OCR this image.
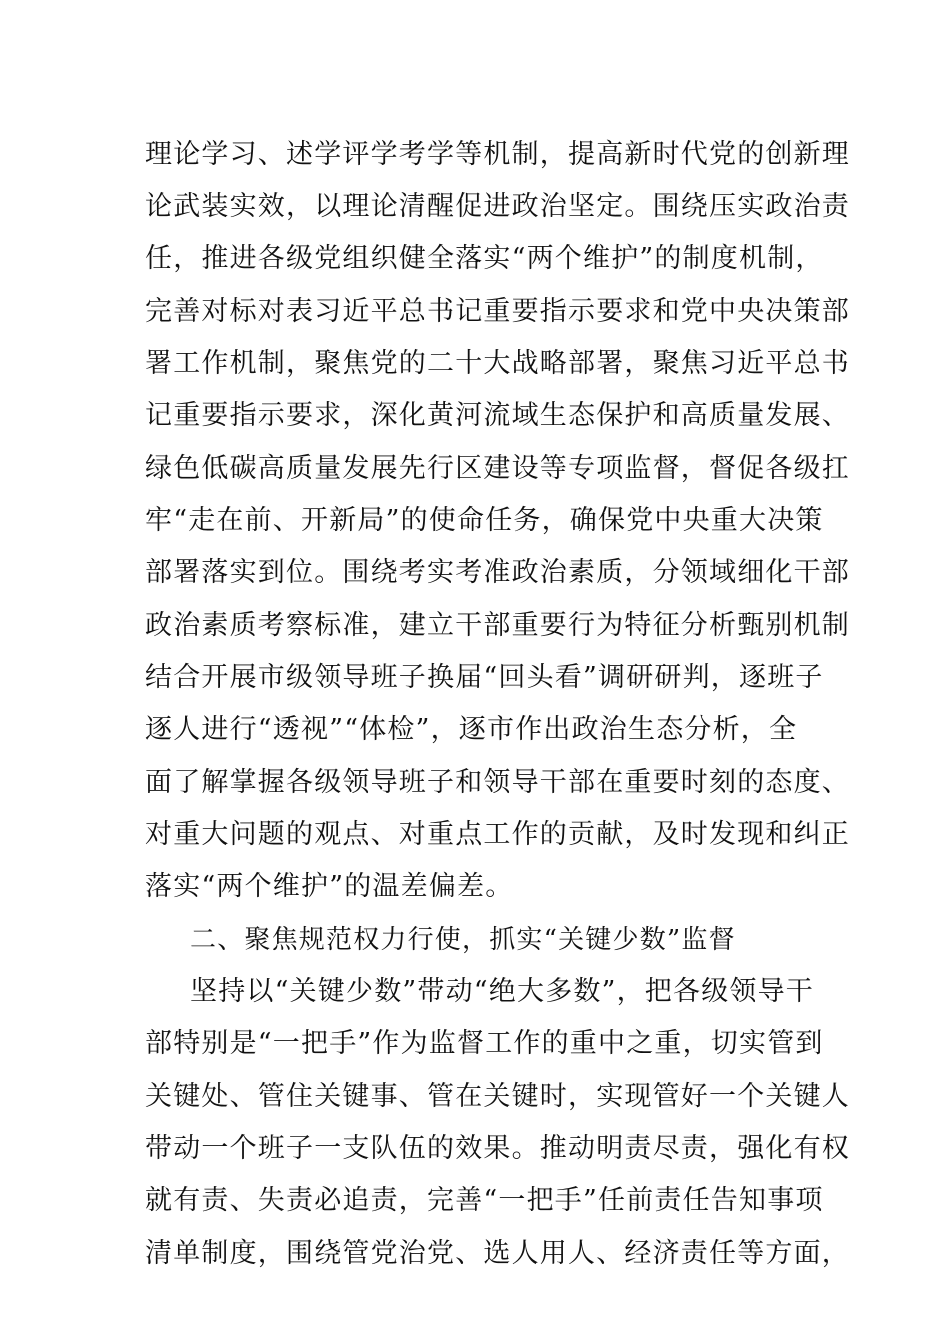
理论学习、述学评学考学等机制，提高新时代党的创新理
论武装实效，以理论清醒促进政治坚定。围绕压实政治责
任，推进各级党组织健全落实“两个维护”的制度机制，
完善对标对表习近平总书记重要指示要求和党中央决策部
署工作机制，聚焦党的二十大战略部署，聚焦习近平总书
记重要指示要求，深化黄河流域生态保护和高质量发展、
绿色低碳高质量发展先行区建设等专项监督，督促各级扛
牢“走在前、开新局”的使命任务，确保党中央重大决策
部署落实到位。围绕考实考准政治素质，分领域细化干部
政治素质考察标准，建立干部重要行为特征分析甄别机制
结合开展市级领导班子换届“回头看”调研研判，逐班子
逐人进行“透视”“体检”，逐市作出政治生态分析，全
面了解掌握各级领导班子和领导干部在重要时刻的态度、
对重大问题的观点、对重点工作的贡献，及时发现和纠正
落实“两个维护”的温差偏差。
二、聚焦规范权力行使，抓实“关键少数”监督
坚持以“关键少数”带动“绝大多数”，把各级领导干
部特别是“一把手”作为监督工作的重中之重，切实管到
关键处、管住关键事、管在关键时，实现管好一个关键人
带动一个班子一支队伍的效果。推动明责尽责，强化有权
就有责、失责必追责，完善“一把手”任前责任告知事项
清单制度，围绕管党治党、选人用人、经济责任等方面，
